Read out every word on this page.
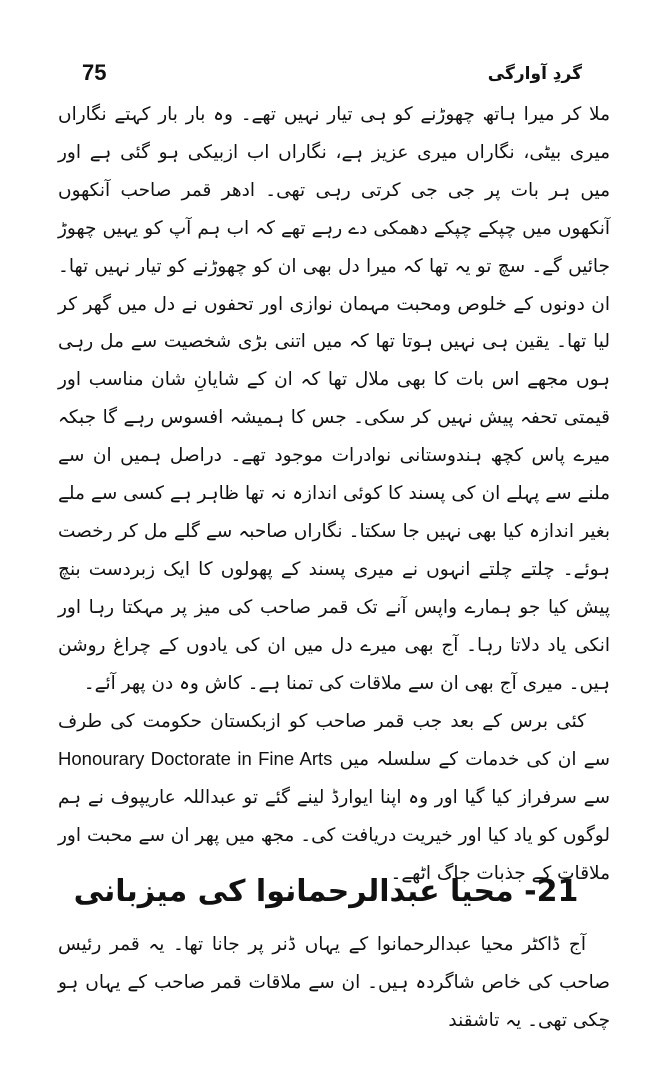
75	گردِ آوارگی

ملا کر میرا ہاتھ چھوڑنے کو ہی تیار نہیں تھے۔ وہ بار بار کہتے نگاراں میری بیٹی، نگاراں میری عزیز ہے، نگاراں اب ازبیکی ہو گئی ہے اور میں ہر بات پر جی جی کرتی رہی تھی۔ ادھر قمر صاحب آنکھوں آنکھوں میں چپکے چپکے دھمکی دے رہے تھے کہ اب ہم آپ کو یہیں چھوڑ جائیں گے۔ سچ تو یہ تھا کہ میرا دل بھی ان کو چھوڑنے کو تیار نہیں تھا۔ ان دونوں کے خلوص ومحبت مہمان نوازی اور تحفوں نے دل میں گھر کر لیا تھا۔ یقین ہی نہیں ہوتا تھا کہ میں اتنی بڑی شخصیت سے مل رہی ہوں مجھے اس بات کا بھی ملال تھا کہ ان کے شایانِ شان مناسب اور قیمتی تحفہ پیش نہیں کر سکی۔ جس کا ہمیشہ افسوس رہے گا جبکہ میرے پاس کچھ ہندوستانی نوادرات موجود تھے۔ دراصل ہمیں ان سے ملنے سے پہلے ان کی پسند کا کوئی اندازہ نہ تھا ظاہر ہے کسی سے ملے بغیر اندازہ کیا بھی نہیں جا سکتا۔ نگاراں صاحبہ سے گلے مل کر رخصت ہوئے۔ چلتے چلتے انہوں نے میری پسند کے پھولوں کا ایک زبردست بنچ پیش کیا جو ہمارے واپس آنے تک قمر صاحب کی میز پر مہکتا رہا اور انکی یاد دلاتا رہا۔ آج بھی میرے دل میں ان کی یادوں کے چراغ روشن ہیں۔ میری آج بھی ان سے ملاقات کی تمنا ہے۔ کاش وہ دن پھر آئے۔

کئی برس کے بعد جب قمر صاحب کو ازبکستان حکومت کی طرف سے ان کی خدمات کے سلسلہ میں Honourary Doctorate in Fine Arts سے سرفراز کیا گیا اور وہ اپنا ایوارڈ لینے گئے تو عبداللہ عاریپوف نے ہم لوگوں کو یاد کیا اور خیریت دریافت کی۔ مجھ میں پھر ان سے محبت اور ملاقات کے جذبات جاگ اٹھے۔

21- محیا عبدالرحمانوا کی میزبانی

آج ڈاکٹر محیا عبدالرحمانوا کے یہاں ڈنر پر جانا تھا۔ یہ قمر رئیس صاحب کی خاص شاگردہ ہیں۔ ان سے ملاقات قمر صاحب کے یہاں ہو چکی تھی۔ یہ تاشقند
